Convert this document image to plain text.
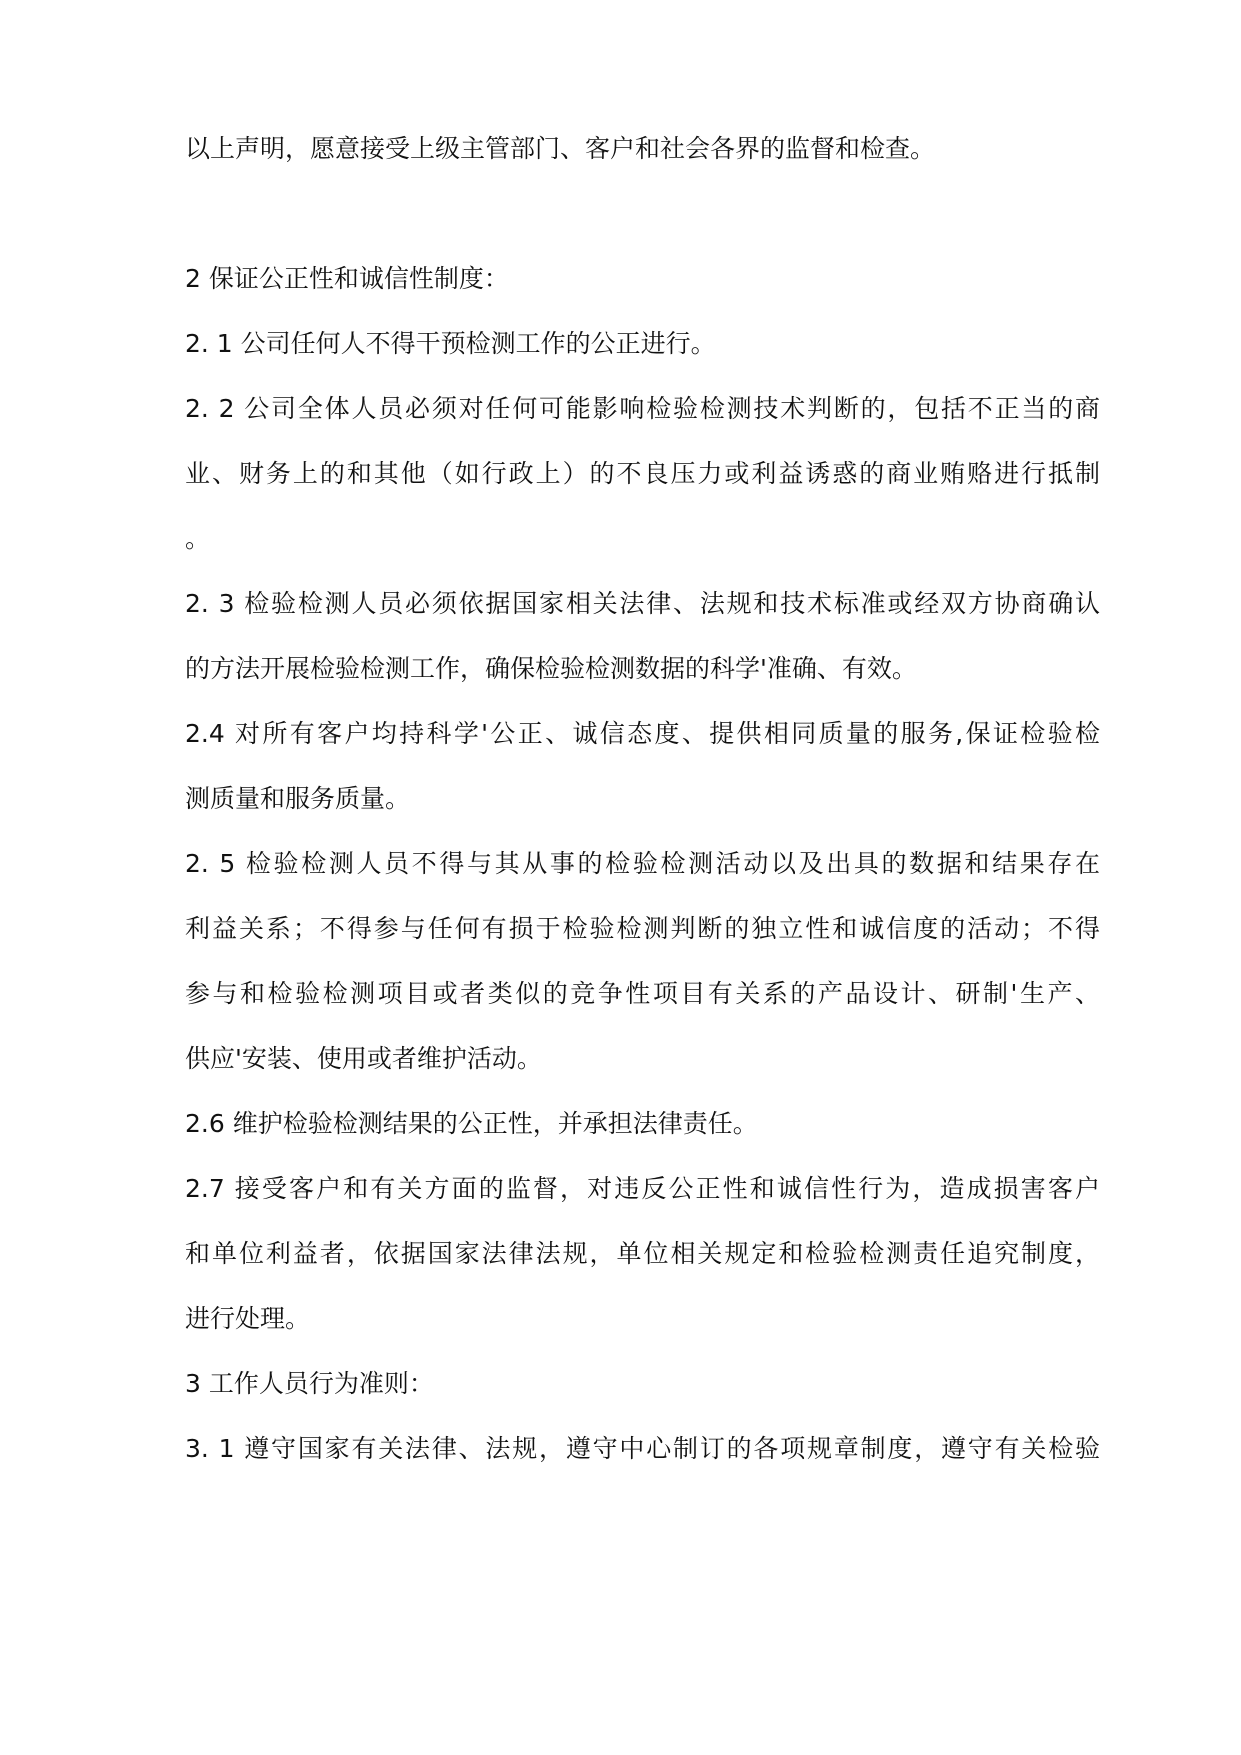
以上声明，愿意接受上级主管部门、客户和社会各界的监督和检查。
2 保证公正性和诚信性制度：
2. 1 公司任何人不得干预检测工作的公正进行。
2. 2 公司全体人员必须对任何可能影响检验检测技术判断的，包括不正当的商
业、财务上的和其他（如行政上）的不良压力或利益诱惑的商业贿赂进行抵制
。
2. 3 检验检测人员必须依据国家相关法律、法规和技术标准或经双方协商确认
的方法开展检验检测工作，确保检验检测数据的科学'准确、有效。
2.4 对所有客户均持科学'公正、诚信态度、提供相同质量的服务,保证检验检
测质量和服务质量。
2. 5 检验检测人员不得与其从事的检验检测活动以及出具的数据和结果存在
利益关系；不得参与任何有损于检验检测判断的独立性和诚信度的活动；不得
参与和检验检测项目或者类似的竞争性项目有关系的产品设计、研制'生产、
供应'安装、使用或者维护活动。
2.6 维护检验检测结果的公正性，并承担法律责任。
2.7 接受客户和有关方面的监督，对违反公正性和诚信性行为，造成损害客户
和单位利益者，依据国家法律法规，单位相关规定和检验检测责任追究制度，
进行处理。
3 工作人员行为准则：
3. 1 遵守国家有关法律、法规，遵守中心制订的各项规章制度，遵守有关检验
